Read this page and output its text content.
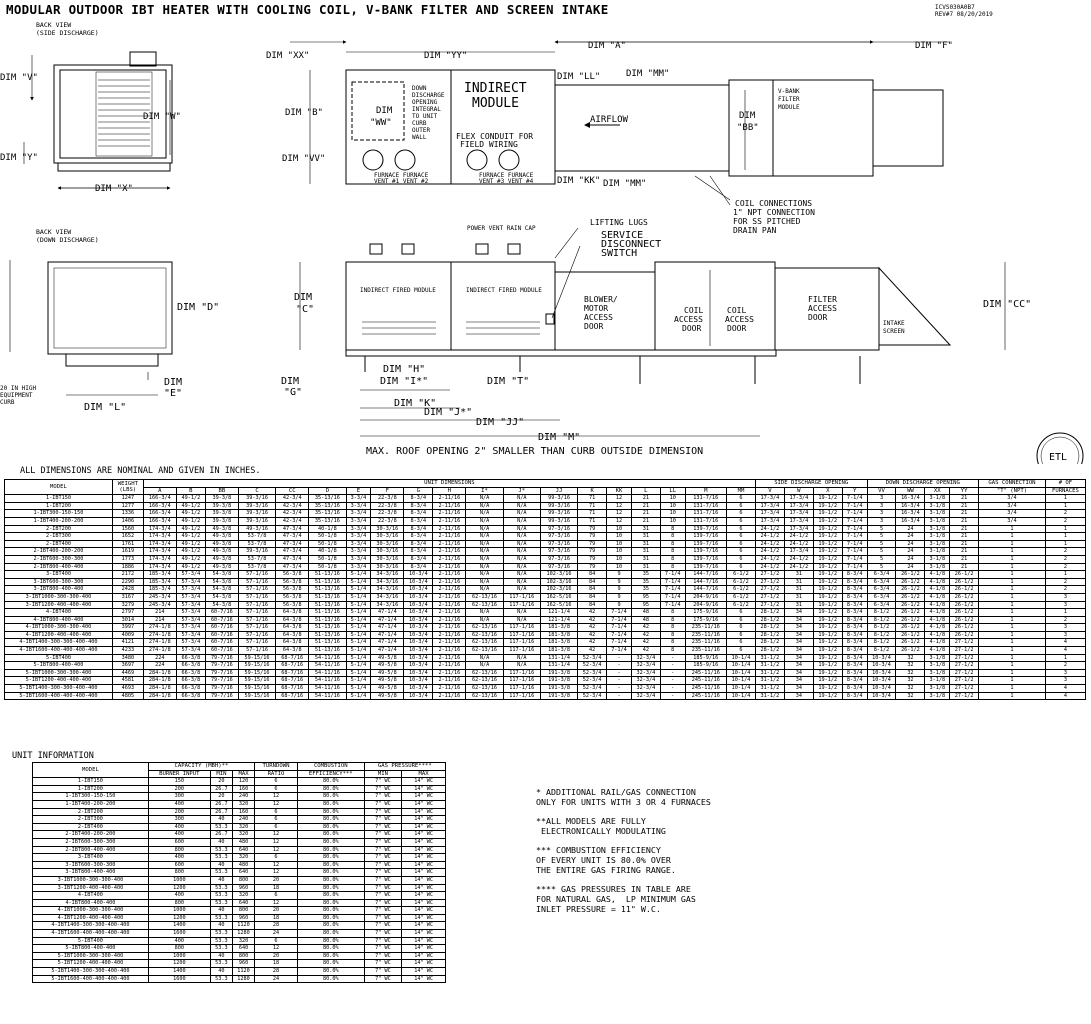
MODULAR OUTDOOR IBT HEATER WITH COOLING COIL, V-BANK FILTER AND SCREEN INTAKE	ICVS030A0B7
REV#7 08/20/2019
BACK VIEW
(SIDE DISCHARGE)
BACK VIEW
(DOWN DISCHARGE)
DIM "V"
DIM "W"
DIM "Y"
DIM "X"
DIM "XX"	DIM "YY"
DIM "A"	DIM "F"
DIM "B"	DIM
"WW"
DIM "VV"
DIM "LL"	DIM "MM"
DIM "KK" DIM "MM"
DIM
"BB"
AIRFLOW
INDIRECT
MODULE
V-BANK
FILTER
MODULE
DOWN
DISCHARGE
OPENING
INTEGRAL
TO UNIT
CURB
OUTER
WALL
FURNACE FURNACE
VENT #1 VENT #2
FURNACE FURNACE
VENT #3 VENT #4
POWER VENT RAIN CAP
INDIRECT FIRED MODULE	INDIRECT FIRED MODULE
20 IN HIGH
EQUIPMENT
CURB
INTAKE
SCREEN
FLEX CONDUIT FOR
FIELD WIRING
COIL CONNECTIONS
1" NPT CONNECTION
FOR SS PITCHED
DRAIN PAN
LIFTING LUGS
BLOWER/
MOTOR
ACCESS
DOOR
COIL
ACCESS
DOOR
COIL
ACCESS
DOOR
FILTER
ACCESS
DOOR
SERVICE
DISCONNECT
SWITCH
DIM "D"
DIM
"E"
DIM "L"
DIM
"C"	DIM "CC"
DIM "H"
DIM "I*"	DIM "T"
DIM
"G"
DIM "K"
DIM "J*"
DIM "JJ"
DIM "M"
MAX. ROOF OPENING 2" SMALLER THAN CURB OUTSIDE DIMENSION
ETL
ALL DIMENSIONS ARE NOMINAL AND GIVEN IN INCHES.
MODEL	WEIGHT
(LBS)	UNIT DIMENSIONS																			SIDE DISCHARGE OPENING				DOWN DISCHARGE OPENING				GAS CONNECTION	# OF
		A	B	BB	C	CC	D	E	F	G	H	I*	J*	JJ	K	KK	L	LL	M	MM	V	W	X	Y	VV	WW	XX	YY	"T" (NPT)	FURNACES
1-IBT150	1247	166-3/4	49-1/2	39-3/8	39-3/16	42-3/4	35-13/16	3-3/4	22-3/8	8-3/4	2-11/16	N/A	N/A	99-3/16	71	12	21	10	131-7/16	6	17-3/4	17-3/4	19-1/2	7-1/4	3	16-3/4	3-1/8	21	3/4	1
1-IBT200	1277	166-3/4	49-1/2	39-3/8	39-3/16	42-3/4	35-13/16	3-3/4	22-3/8	8-3/4	2-11/16	N/A	N/A	99-3/16	71	12	21	10	131-7/16	6	17-3/4	17-3/4	19-1/2	7-1/4	3	16-3/4	3-1/8	21	3/4	1
1-IBT300-150-150	1336	166-3/4	49-1/2	39-3/8	39-3/16	42-3/4	35-13/16	3-3/4	22-3/8	8-3/4	2-11/16	N/A	N/A	99-3/16	71	12	21	10	131-7/16	6	17-3/4	17-3/4	19-1/2	7-1/4	3	16-3/4	3-1/8	21	3/4	2
1-IBT400-200-200	1406	166-3/4	49-1/2	39-3/8	39-3/16	42-3/4	35-13/16	3-3/4	22-3/8	8-3/4	2-11/16	N/A	N/A	99-3/16	71	12	21	10	131-7/16	6	17-3/4	17-3/4	19-1/2	7-1/4	3	16-3/4	3-1/8	21	3/4	2
2-IBT200	1560	174-3/4	49-1/2	49-3/8	49-3/16	47-3/4	40-1/8	3-3/4	30-3/16	8-3/4	2-11/16	N/A	N/A	97-3/16	79	10	31	8	139-7/16	6	24-1/2	17-3/4	19-1/2	7-1/4	5	24	3-1/8	21	1	1
2-IBT300	1652	174-3/4	49-1/2	49-3/8	53-7/8	47-3/4	50-1/8	3-3/4	30-3/16	8-3/4	2-11/16	N/A	N/A	97-3/16	79	10	31	8	139-7/16	6	24-1/2	24-1/2	19-1/2	7-1/4	5	24	3-1/8	21	1	1
2-IBT400	1761	174-3/4	49-1/2	49-3/8	53-7/8	47-3/4	50-1/8	3-3/4	30-3/16	8-3/4	2-11/16	N/A	N/A	97-3/16	79	10	31	8	139-7/16	6	24-1/2	24-1/2	19-1/2	7-1/4	5	24	3-1/8	21	1	1
2-IBT400-200-200	1619	174-3/4	49-1/2	49-3/8	39-3/16	47-3/4	40-1/8	3-3/4	30-3/16	8-3/4	2-11/16	N/A	N/A	97-3/16	79	10	31	8	139-7/16	6	24-1/2	17-3/4	19-1/2	7-1/4	5	24	3-1/8	21	1	2
2-IBT600-300-300	1773	174-3/4	49-1/2	49-3/8	53-7/8	47-3/4	50-1/8	3-3/4	30-3/16	8-3/4	2-11/16	N/A	N/A	97-3/16	79	10	31	8	139-7/16	6	24-1/2	24-1/2	19-1/2	7-1/4	5	24	3-1/8	21	1	2
2-IBT800-400-400	1886	174-3/4	49-1/2	49-3/8	53-7/8	47-3/4	50-1/8	3-3/4	30-3/16	8-3/4	2-11/16	N/A	N/A	97-3/16	79	10	31	8	139-7/16	6	24-1/2	24-1/2	19-1/2	7-1/4	5	24	3-1/8	21	1	2
3-IBT400	2172	185-3/4	57-3/4	54-3/8	57-1/16	56-3/8	51-13/16	5-1/4	34-3/16	10-3/4	2-11/16	N/A	N/A	102-3/16	84	9	35	7-1/4	144-7/16	6-1/2	27-1/2	31	19-1/2	8-3/4	6-3/4	26-1/2	4-1/8	26-1/2	1	1
3-IBT600-300-300	2290	185-3/4	57-3/4	54-3/8	57-1/16	56-3/8	51-13/16	5-1/4	34-3/16	10-3/4	2-11/16	N/A	N/A	102-3/16	84	9	35	7-1/4	144-7/16	6-1/2	27-1/2	31	19-1/2	8-3/4	6-3/4	26-1/2	4-1/8	26-1/2	1	2
3-IBT800-400-400	2428	185-3/4	57-3/4	54-3/8	57-1/16	56-3/8	51-13/16	5-1/4	34-3/16	10-3/4	2-11/16	N/A	N/A	102-3/16	84	9	35	7-1/4	144-7/16	6-1/2	27-1/2	31	19-1/2	8-3/4	6-3/4	26-1/2	4-1/8	26-1/2	1	2
3-IBT1000-300-300-400	3167	245-3/4	57-3/4	54-3/8	57-1/16	56-3/8	51-13/16	5-1/4	34-3/16	10-3/4	2-11/16	62-13/16	117-1/16	162-5/16	84	9	95	7-1/4	204-9/16	6-1/2	27-1/2	31	19-1/2	8-3/4	6-3/4	26-1/2	4-1/8	26-1/2	1	3
3-IBT1200-400-400-400	3279	245-3/4	57-3/4	54-3/8	57-1/16	56-3/8	51-13/16	5-1/4	34-3/16	10-3/4	2-11/16	62-13/16	117-1/16	162-5/16	84	9	95	7-1/4	204-9/16	6-1/2	27-1/2	31	19-1/2	8-3/4	6-3/4	26-1/2	4-1/8	26-1/2	1	3
4-IBT400	2797	214	57-3/4	60-7/16	57-1/16	64-3/8	51-13/16	5-1/4	47-1/4	10-3/4	2-11/16	N/A	N/A	121-1/4	42	7-1/4	48	8	175-9/16	6	28-1/2	34	19-1/2	8-3/4	8-1/2	26-1/2	4-1/8	26-1/2	1	1
4-IBT800-400-400	3014	214	57-3/4	60-7/16	57-1/16	64-3/8	51-13/16	5-1/4	47-1/4	10-3/4	2-11/16	N/A	N/A	121-1/4	42	7-1/4	48	8	175-9/16	6	28-1/2	34	19-1/2	8-3/4	8-1/2	26-1/2	4-1/8	26-1/2	1	2
4-IBT1000-300-300-400	3997	274-1/8	57-3/4	60-7/16	57-1/16	64-3/8	51-13/16	5-1/4	47-1/4	10-3/4	2-11/16	62-13/16	117-1/16	181-3/8	42	7-1/4	42	8	235-11/16	6	28-1/2	34	19-1/2	8-3/4	8-1/2	26-1/2	4-1/8	26-1/2	1	3
4-IBT1200-400-400-400	4009	274-1/8	57-3/4	60-7/16	57-1/16	64-3/8	51-13/16	5-1/4	47-1/4	10-3/4	2-11/16	62-13/16	117-1/16	181-3/8	42	7-1/4	42	8	235-11/16	6	28-1/2	34	19-1/2	8-3/4	8-1/2	26-1/2	4-1/8	26-1/2	1	3
4-IBT1400-300-300-400-400	4121	274-1/8	57-3/4	60-7/16	57-1/16	64-3/8	51-13/16	5-1/4	47-1/4	10-3/4	2-11/16	62-13/16	117-1/16	181-3/8	42	7-1/4	42	8	235-11/16	6	28-1/2	34	19-1/2	8-3/4	8-1/2	26-1/2	4-1/8	27-1/2	1	4
4-IBT1600-400-400-400-400	4233	274-1/8	57-3/4	60-7/16	57-1/16	64-3/8	51-13/16	5-1/4	47-1/4	10-3/4	2-11/16	62-13/16	117-1/16	181-3/8	42	7-1/4	42	8	235-11/16	6	28-1/2	34	19-1/2	8-3/4	8-1/2	26-1/2	4-1/8	27-1/2	1	4
5-IBT400	3480	224	66-3/8	79-7/16	59-15/16	68-7/16	54-11/16	5-1/4	49-5/8	10-3/4	2-11/16	N/A	N/A	131-1/4	52-3/4	-	32-3/4	-	185-9/16	10-1/4	31-1/2	34	19-1/2	8-3/4	10-3/4	32	3-1/8	27-1/2	1	1
5-IBT800-400-400	3697	224	66-3/8	79-7/16	59-15/16	68-7/16	54-11/16	5-1/4	49-5/8	10-3/4	2-11/16	N/A	N/A	131-1/4	52-3/4	-	32-3/4	-	185-9/16	10-1/4	31-1/2	34	19-1/2	8-3/4	10-3/4	32	3-1/8	27-1/2	1	2
5-IBT1000-300-300-400	4469	284-1/8	66-3/8	79-7/16	59-15/16	68-7/16	54-11/16	5-1/4	49-5/8	10-3/4	2-11/16	62-13/16	117-1/16	191-3/8	52-3/4	-	32-3/4	-	245-11/16	10-1/4	31-1/2	34	19-1/2	8-3/4	10-3/4	32	3-1/8	27-1/2	1	3
5-IBT1200-400-400-400	4581	284-1/8	66-3/8	79-7/16	59-15/16	68-7/16	54-11/16	5-1/4	49-5/8	10-3/4	2-11/16	62-13/16	117-1/16	191-3/8	52-3/4	-	32-3/4	-	245-11/16	10-1/4	31-1/2	34	19-1/2	8-3/4	10-3/4	32	3-1/8	27-1/2	1	3
5-IBT1400-300-300-400-400	4693	284-1/8	66-3/8	79-7/16	59-15/16	68-7/16	54-11/16	5-1/4	49-5/8	10-3/4	2-11/16	62-13/16	117-1/16	191-3/8	52-3/4	-	32-3/4	-	245-11/16	10-1/4	31-1/2	34	19-1/2	8-3/4	10-3/4	32	3-1/8	27-1/2	1	4
5-IBT1600-400-400-400-400	4805	284-1/8	66-3/8	79-7/16	59-15/16	68-7/16	54-11/16	5-1/4	49-5/8	10-3/4	2-11/16	62-13/16	117-1/16	191-3/8	52-3/4	-	32-3/4	-	245-11/16	10-1/4	31-1/2	34	19-1/2	8-3/4	10-3/4	32	3-1/8	27-1/2	1	4
UNIT INFORMATION
MODEL	CAPACITY (MBH)**			TURNDOWN	COMBUSTION	GAS PRESSURE****	
	BURNER INPUT	MIN	MAX	RATIO	EFFICIENCY***	MIN	MAX
1-IBT150	150	20	120	6	80.0%	7" WC	14" WC
1-IBT200	200	26.7	160	6	80.0%	7" WC	14" WC
1-IBT300-150-150	300	20	240	12	80.0%	7" WC	14" WC
1-IBT400-200-200	400	26.7	320	12	80.0%	7" WC	14" WC
2-IBT200	200	26.7	160	6	80.0%	7" WC	14" WC
2-IBT300	300	40	240	6	80.0%	7" WC	14" WC
2-IBT400	400	53.3	320	6	80.0%	7" WC	14" WC
2-IBT400-200-200	400	26.7	320	12	80.0%	7" WC	14" WC
2-IBT600-300-300	600	40	480	12	80.0%	7" WC	14" WC
2-IBT800-400-400	800	53.3	640	12	80.0%	7" WC	14" WC
3-IBT400	400	53.3	320	6	80.0%	7" WC	14" WC
3-IBT600-300-300	600	40	480	12	80.0%	7" WC	14" WC
3-IBT800-400-400	800	53.3	640	12	80.0%	7" WC	14" WC
3-IBT1000-300-300-400	1000	40	800	20	80.0%	7" WC	14" WC
3-IBT1200-400-400-400	1200	53.3	960	18	80.0%	7" WC	14" WC
4-IBT400	400	53.3	320	6	80.0%	7" WC	14" WC
4-IBT800-400-400	800	53.3	640	12	80.0%	7" WC	14" WC
4-IBT1000-300-300-400	1000	40	800	20	80.0%	7" WC	14" WC
4-IBT1200-400-400-400	1200	53.3	960	18	80.0%	7" WC	14" WC
4-IBT1400-300-300-400-400	1400	40	1120	28	80.0%	7" WC	14" WC
4-IBT1600-400-400-400-400	1600	53.3	1280	24	80.0%	7" WC	14" WC
5-IBT400	400	53.3	320	6	80.0%	7" WC	14" WC
5-IBT800-400-400	800	53.3	640	12	80.0%	7" WC	14" WC
5-IBT1000-300-300-400	1000	40	800	20	80.0%	7" WC	14" WC
5-IBT1200-400-400-400	1200	53.3	960	18	80.0%	7" WC	14" WC
5-IBT1400-300-300-400-400	1400	40	1120	28	80.0%	7" WC	14" WC
5-IBT1600-400-400-400-400	1600	53.3	1280	24	80.0%	7" WC	14" WC

* ADDITIONAL RAIL/GAS CONNECTION
ONLY FOR UNITS WITH 3 OR 4 FURNACES

**ALL MODELS ARE FULLY
ELECTRONICALLY MODULATING

*** COMBUSTION EFFICIENCY
OF EVERY UNIT IS 80.0% OVER
THE ENTIRE GAS FIRING RANGE.

**** GAS PRESSURES IN TABLE ARE
FOR NATURAL GAS,  LP MINIMUM GAS
INLET PRESSURE = 11" W.C.
